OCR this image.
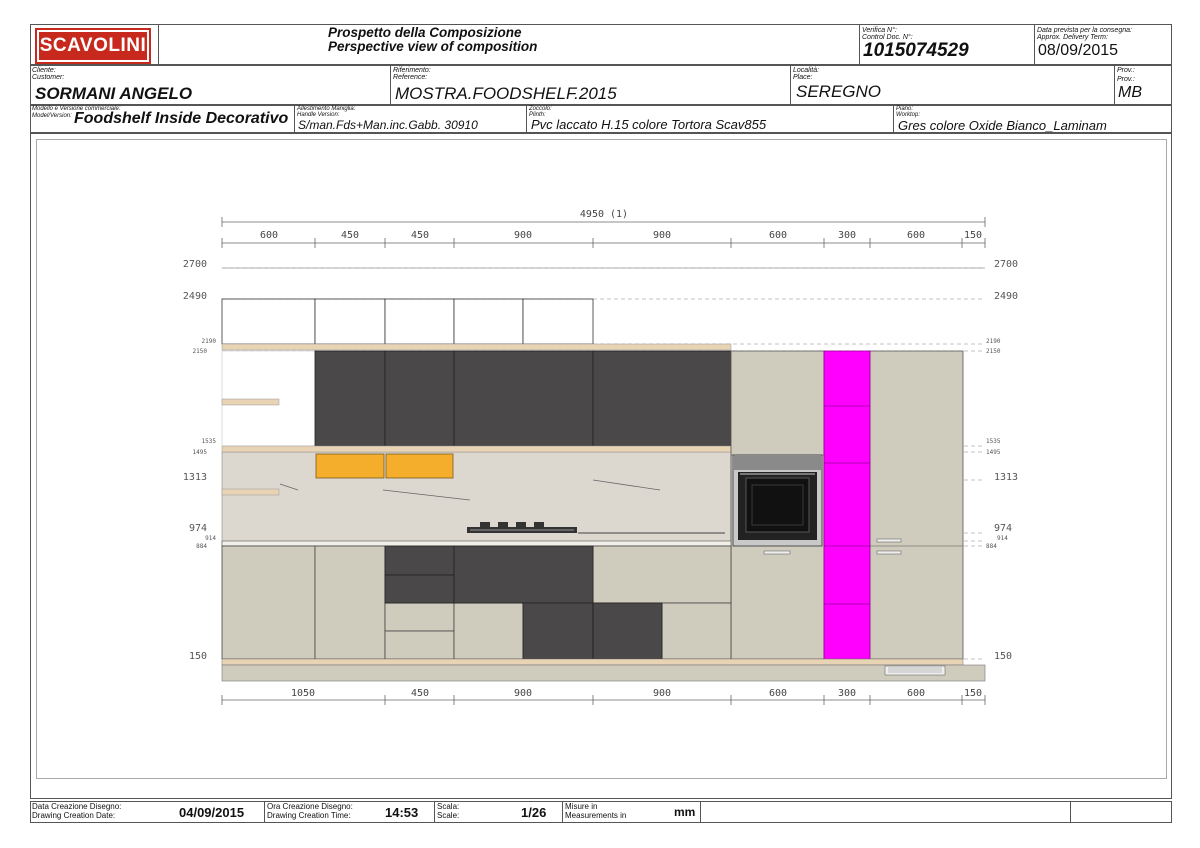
SCAVOLINI
Prospetto della Composizione
Perspective view of composition
Verifica N°:
Control Doc. N°:
1015074529
Data prevista per la consegna:
Approx. Delivery Term:
08/09/2015
Cliente:
Customer:
SORMANI ANGELO
Riferimento:
Reference:
MOSTRA.FOODSHELF.2015
Località:
Place:
SEREGNO
Prov.:
Prov.:
MB
Modello e Versione commerciale:
Model/Version: Foodshelf Inside Decorativo
Allestimento Maniglia:
Handle Version:
S/man.Fds+Man.inc.Gabb. 30910
Zoccolo:
Plinth:
Pvc laccato H.15 colore Tortora Scav855
Piano:
Worktop:
Gres colore Oxide Bianco_Laminam
4950 (1)
600	450	450	900	900	600	300	600	150
2700
2490
2190
2150
1535
1495
1313
974
914
884
150
2700
2490
2190
2150
1535
1495
1313
974
914
884
150
1050	450	900	900	600	300	600	150
Data Creazione Disegno:
Drawing Creation Date:	04/09/2015	Ora Creazione Disegno:
Drawing Creation Time:	14:53 Scala:
Scale:	1/26 Misure in
Measurements in	mm
